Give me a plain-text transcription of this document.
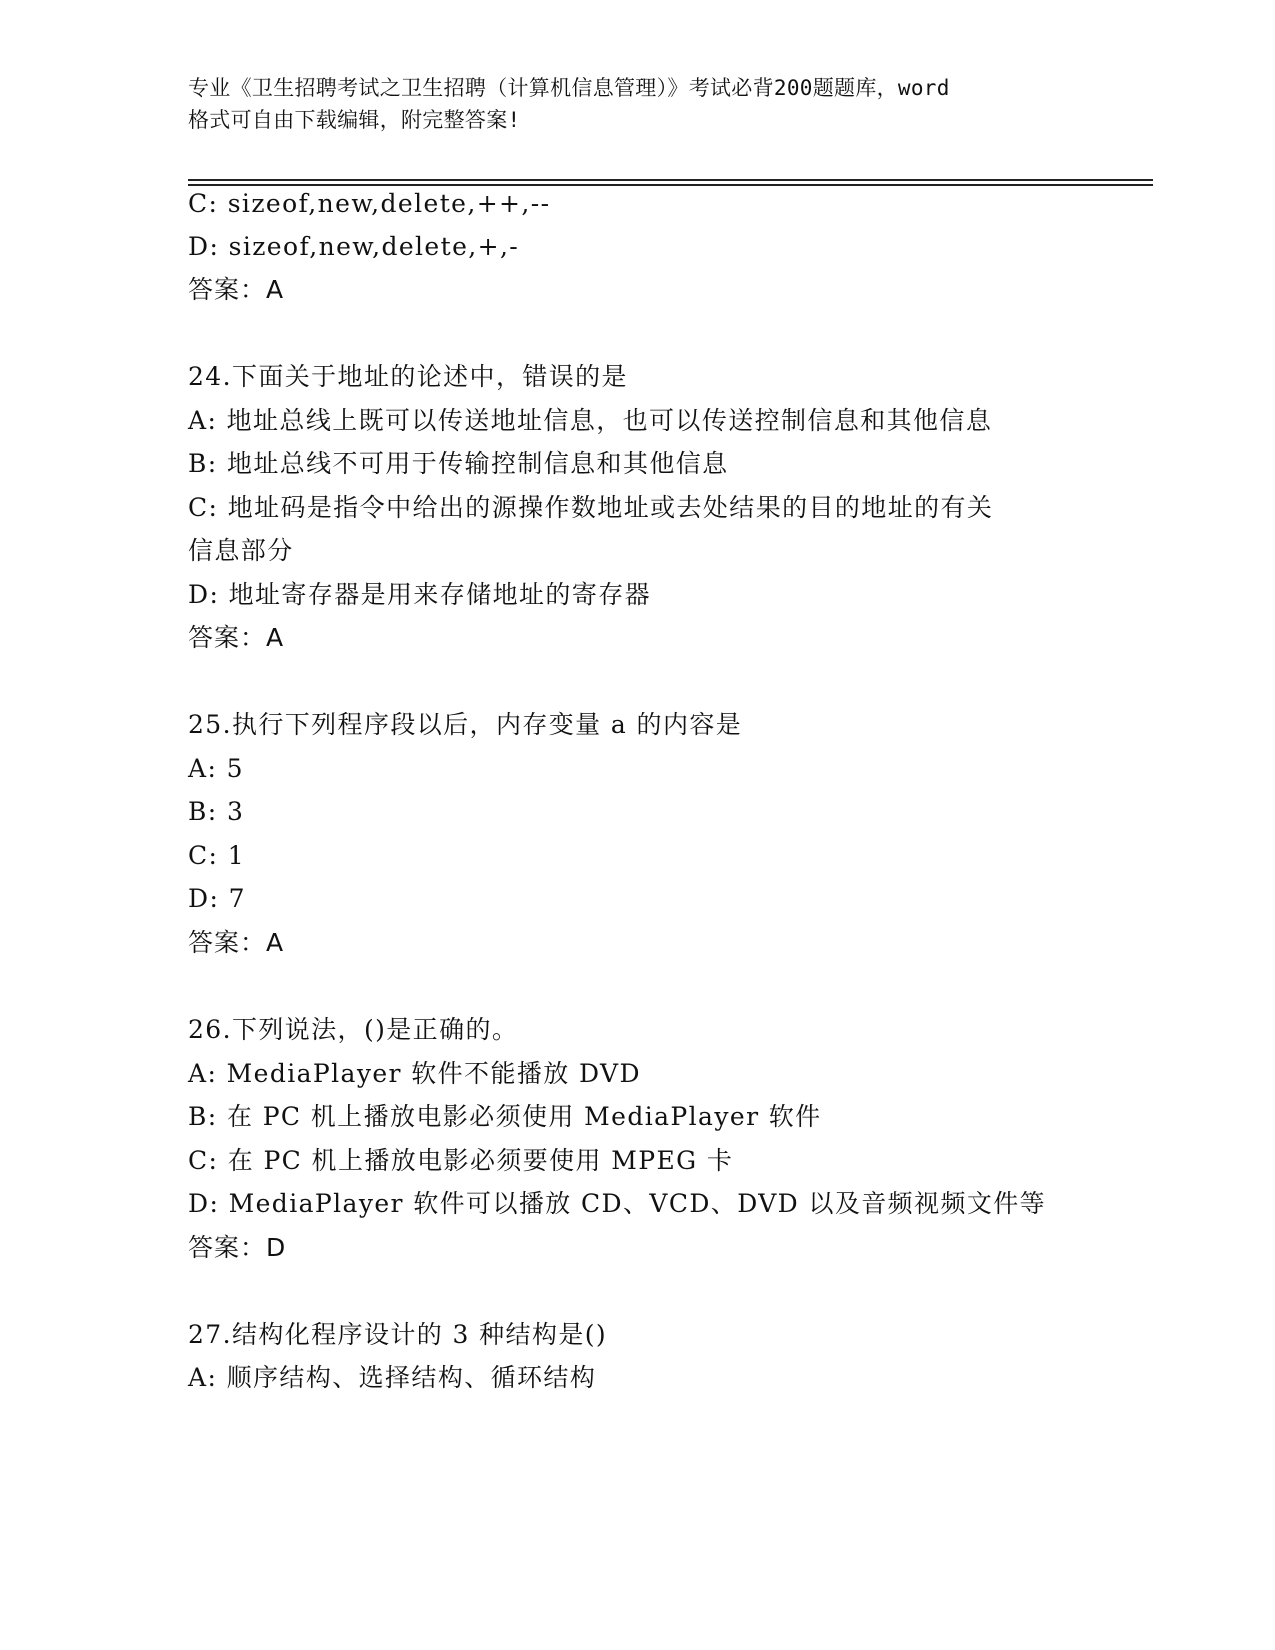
专业《卫生招聘考试之卫生招聘（计算机信息管理）》考试必背200题题库，word
格式可自由下载编辑，附完整答案!
C: sizeof,new,delete,++,--
D: sizeof,new,delete,+,-
答案：A
24.下面关于地址的论述中，错误的是
A: 地址总线上既可以传送地址信息，也可以传送控制信息和其他信息
B: 地址总线不可用于传输控制信息和其他信息
C: 地址码是指令中给出的源操作数地址或去处结果的目的地址的有关
信息部分
D: 地址寄存器是用来存储地址的寄存器
答案：A
25.执行下列程序段以后，内存变量 a 的内容是
A: 5
B: 3
C: 1
D: 7
答案：A
26.下列说法，()是正确的。
A: MediaPlayer 软件不能播放 DVD
B: 在 PC 机上播放电影必须使用 MediaPlayer 软件
C: 在 PC 机上播放电影必须要使用 MPEG 卡
D: MediaPlayer 软件可以播放 CD、VCD、DVD 以及音频视频文件等
答案：D
27.结构化程序设计的 3 种结构是()
A: 顺序结构、选择结构、循环结构
